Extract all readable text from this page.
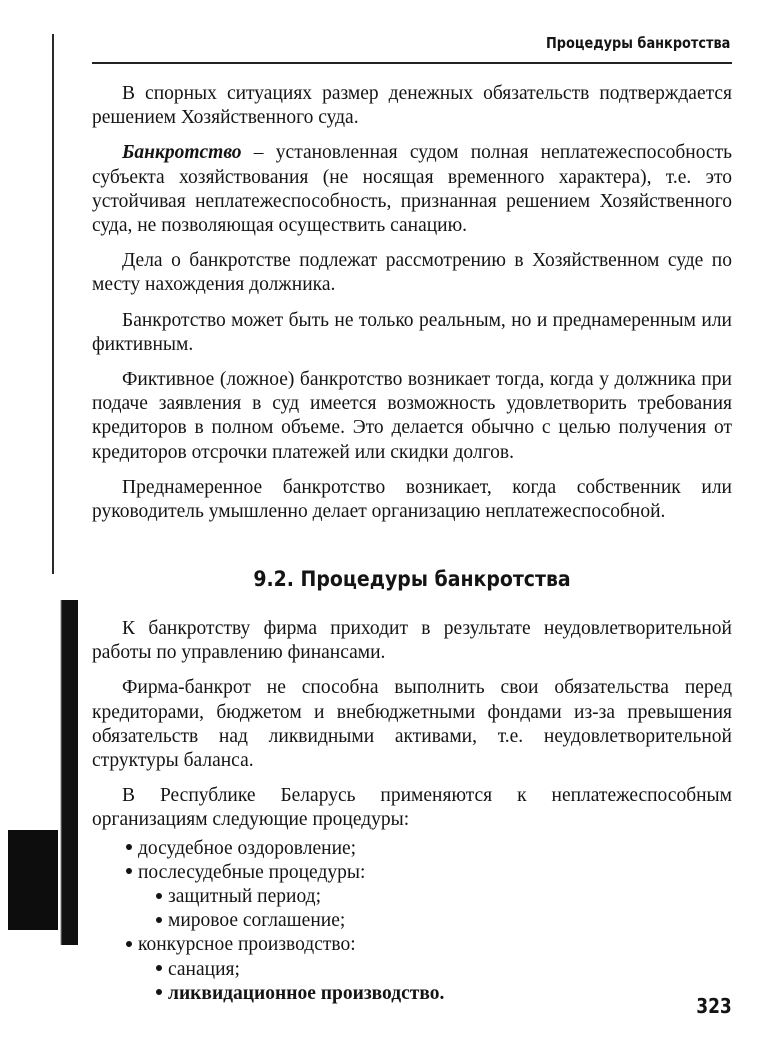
Процедуры банкротства

В спорных ситуациях размер денежных обязательств подтверждается решением Хозяйственного суда.

Банкротство – установленная судом полная неплатежеспособность субъекта хозяйствования (не носящая временного характера), т.е. это устойчивая неплатежеспособность, признанная решением Хозяйственного суда, не позволяющая осуществить санацию.

Дела о банкротстве подлежат рассмотрению в Хозяйственном суде по месту нахождения должника.

Банкротство может быть не только реальным, но и преднамеренным или фиктивным.

Фиктивное (ложное) банкротство возникает тогда, когда у должника при подаче заявления в суд имеется возможность удовлетворить требования кредиторов в полном объеме. Это делается обычно с целью получения от кредиторов отсрочки платежей или скидки долгов.

Преднамеренное банкротство возникает, когда собственник или руководитель умышленно делает организацию неплатежеспособной.

9.2. Процедуры банкротства

К банкротству фирма приходит в результате неудовлетворительной работы по управлению финансами.

Фирма-банкрот не способна выполнить свои обязательства перед кредиторами, бюджетом и внебюджетными фондами из-за превышения обязательств над ликвидными активами, т.е. неудовлетворительной структуры баланса.

В Республике Беларусь применяются к неплатежеспособным организациям следующие процедуры:

досудебное оздоровление;
послесудебные процедуры:
защитный период;
мировое соглашение;
конкурсное производство:
санация;
ликвидационное производство.
323
